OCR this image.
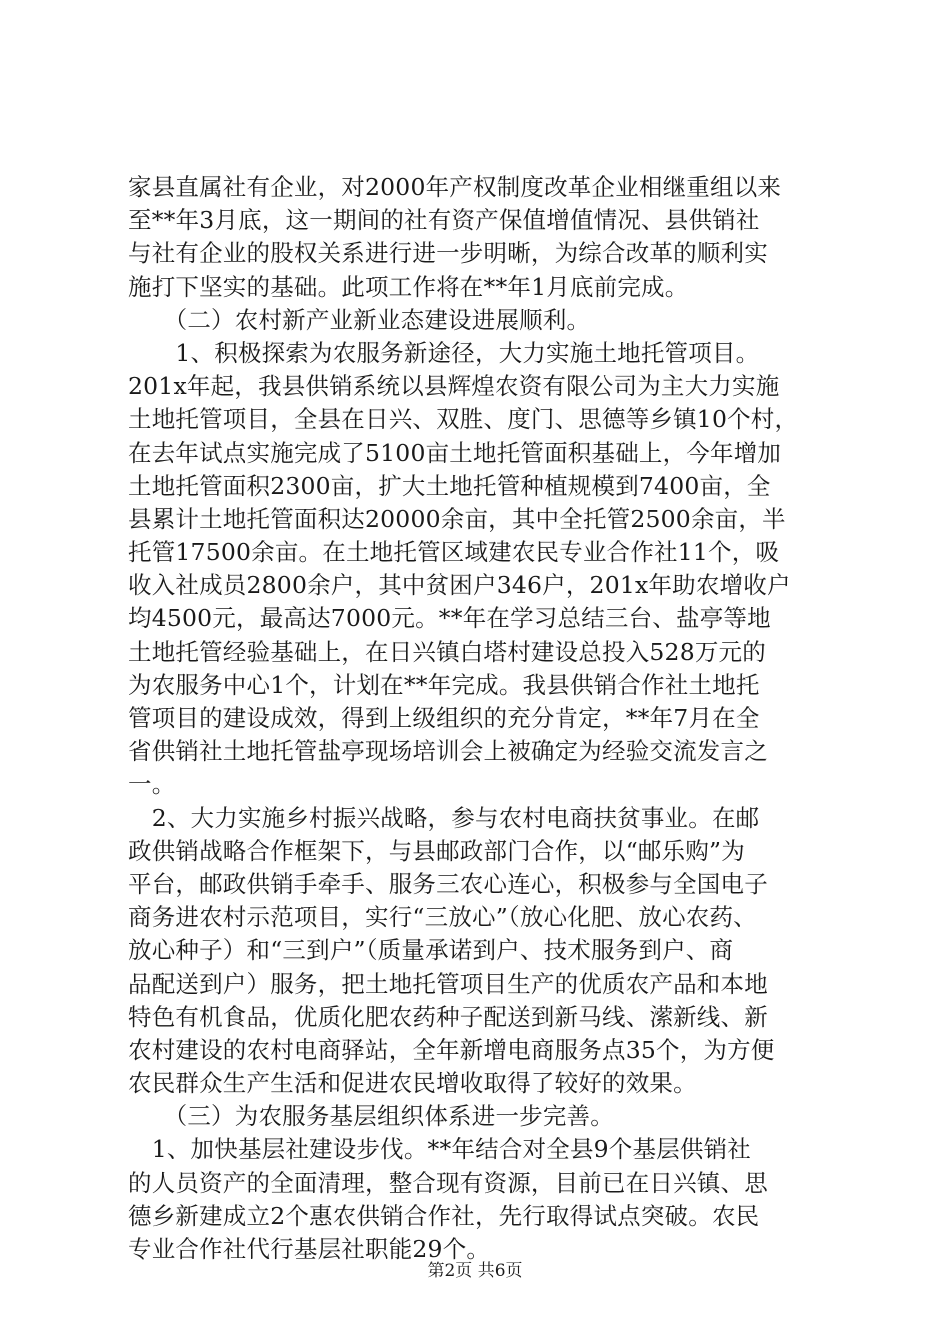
家县直属社有企业，对2000年产权制度改革企业相继重组以来
至**年3月底，这一期间的社有资产保值增值情况、县供销社
与社有企业的股权关系进行进一步明晰，为综合改革的顺利实
施打下坚实的基础。此项工作将在**年1月底前完成。
　　（二）农村新产业新业态建设进展顺利。
　　1、积极探索为农服务新途径，大力实施土地托管项目。
201x年起，我县供销系统以县辉煌农资有限公司为主大力实施
土地托管项目，全县在日兴、双胜、度门、思德等乡镇10个村，
在去年试点实施完成了5100亩土地托管面积基础上，今年增加
土地托管面积2300亩，扩大土地托管种植规模到7400亩，全
县累计土地托管面积达20000余亩，其中全托管2500余亩，半
托管17500余亩。在土地托管区域建农民专业合作社11个，吸
收入社成员2800余户，其中贫困户346户，201x年助农增收户
均4500元，最高达7000元。**年在学习总结三台、盐亭等地
土地托管经验基础上，在日兴镇白塔村建设总投入528万元的
为农服务中心1个，计划在**年完成。我县供销合作社土地托
管项目的建设成效，得到上级组织的充分肯定，**年7月在全
省供销社土地托管盐亭现场培训会上被确定为经验交流发言之
一。
　2、大力实施乡村振兴战略，参与农村电商扶贫事业。在邮
政供销战略合作框架下，与县邮政部门合作，以“邮乐购”为
平台，邮政供销手牵手、服务三农心连心，积极参与全国电子
商务进农村示范项目，实行“三放心”（放心化肥、放心农药、
放心种子）和“三到户”（质量承诺到户、技术服务到户、商
品配送到户）服务，把土地托管项目生产的优质农产品和本地
特色有机食品，优质化肥农药种子配送到新马线、潆新线、新
农村建设的农村电商驿站，全年新增电商服务点35个，为方便
农民群众生产生活和促进农民增收取得了较好的效果。
　　（三）为农服务基层组织体系进一步完善。
　1、加快基层社建设步伐。**年结合对全县9个基层供销社
的人员资产的全面清理，整合现有资源，目前已在日兴镇、思
德乡新建成立2个惠农供销合作社，先行取得试点突破。农民
专业合作社代行基层社职能29个。
第2页 共6页
